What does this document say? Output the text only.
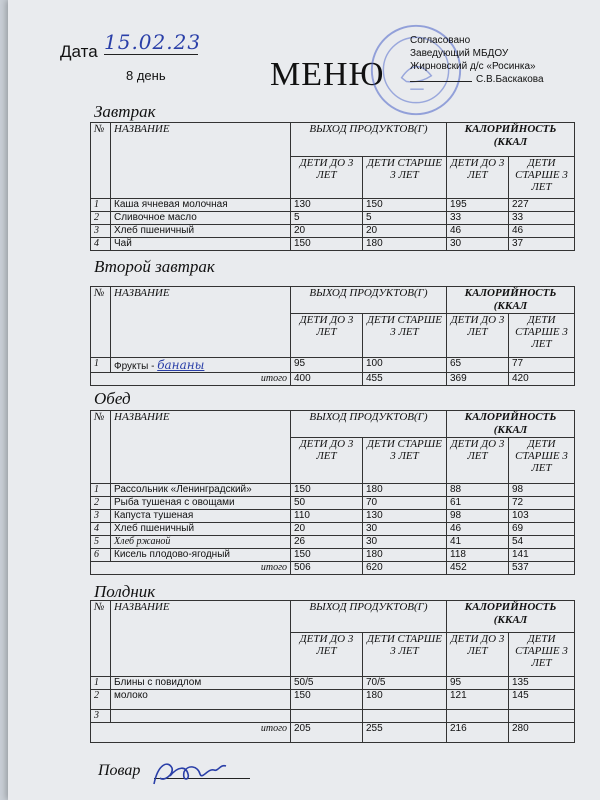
Дата 15.02.23
8 день	МЕНЮ
Согласовано
Заведующий МБДОУ
Жирновский д/с «Росинка»
С.В.Баскакова
Завтрак
№	НАЗВАНИЕ	ВЫХОД ПРОДУКТОВ(Г)		КАЛОРИЙНОСТЬ (ККАЛ	
		ДЕТИ ДО 3 ЛЕТ	ДЕТИ СТАРШЕ 3 ЛЕТ	ДЕТИ ДО 3 ЛЕТ	ДЕТИ СТАРШЕ 3 ЛЕТ
1	Каша ячневая молочная	130	150	195	227
2	Сливочное масло	5	5	33	33
3	Хлеб пшеничный	20	20	46	46
4	Чай	150	180	30	37
Второй завтрак
№	НАЗВАНИЕ	ВЫХОД ПРОДУКТОВ(Г)		КАЛОРИЙНОСТЬ (ККАЛ	
		ДЕТИ ДО 3 ЛЕТ	ДЕТИ СТАРШЕ 3 ЛЕТ	ДЕТИ ДО 3 ЛЕТ	ДЕТИ СТАРШЕ 3 ЛЕТ
1	Фрукты - бананы	95	100	65	77
итого		400	455	369	420
Обед
№	НАЗВАНИЕ	ВЫХОД ПРОДУКТОВ(Г)		КАЛОРИЙНОСТЬ (ККАЛ	
		ДЕТИ ДО 3 ЛЕТ	ДЕТИ СТАРШЕ 3 ЛЕТ	ДЕТИ ДО 3 ЛЕТ	ДЕТИ СТАРШЕ 3 ЛЕТ
1	Рассольник «Ленинградский»	150	180	88	98
2	Рыба тушеная с овощами	50	70	61	72
3	Капуста тушеная	110	130	98	103
4	Хлеб пшеничный	20	30	46	69
5	Хлеб ржаной	26	30	41	54
6	Кисель плодово-ягодный	150	180	118	141
итого		506	620	452	537
Полдник
№	НАЗВАНИЕ	ВЫХОД ПРОДУКТОВ(Г)		КАЛОРИЙНОСТЬ (ККАЛ	
		ДЕТИ ДО 3 ЛЕТ	ДЕТИ СТАРШЕ 3 ЛЕТ	ДЕТИ ДО 3 ЛЕТ	ДЕТИ СТАРШЕ 3 ЛЕТ
1	Блины с повидлом	50/5	70/5	95	135
2	молоко	150	180	121	145
3					
итого		205	255	216	280
Повар
